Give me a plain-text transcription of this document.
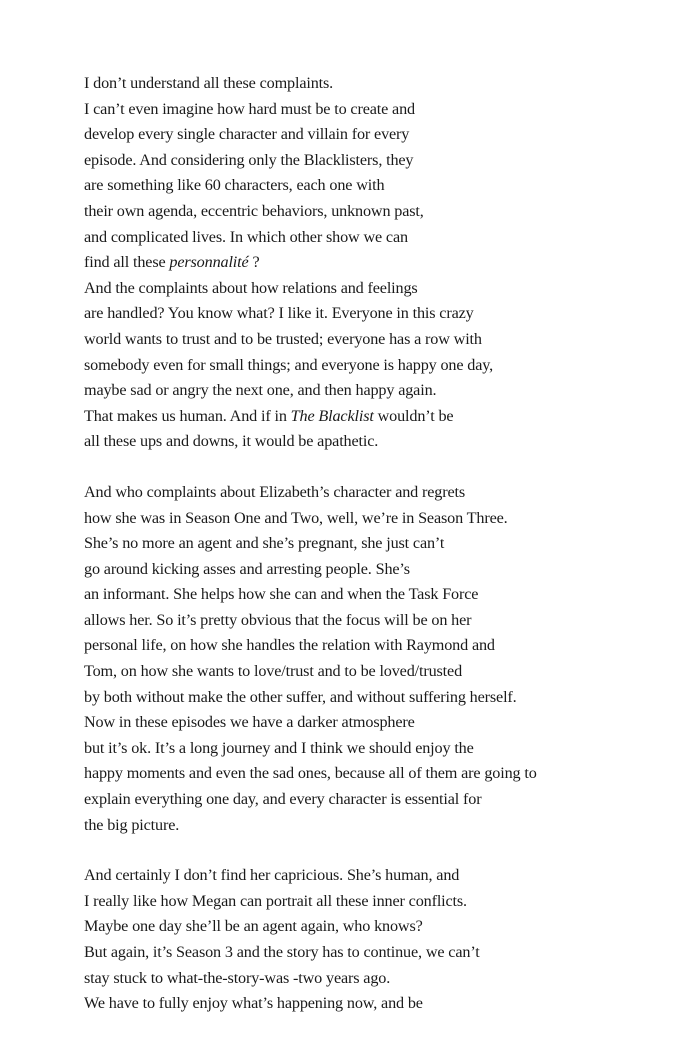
I don’t understand all these complaints.
I can’t even imagine how hard must be to create and
develop every single character and villain for every
episode. And considering only the Blacklisters, they
are something like 60 characters, each one with
their own agenda, eccentric behaviors, unknown past,
and complicated lives. In which other show we can
find all these personnalité ?
And the complaints about how relations and feelings
are handled? You know what? I like it. Everyone in this crazy
world wants to trust and to be trusted; everyone has a row with
somebody even for small things; and everyone is happy one day,
maybe sad or angry the next one, and then happy again.
That makes us human. And if in The Blacklist wouldn’t be
all these ups and downs, it would be apathetic.
And who complaints about Elizabeth’s character and regrets
how she was in Season One and Two, well, we’re in Season Three.
She’s no more an agent and she’s pregnant, she just can’t
go around kicking asses and arresting people. She’s
an informant. She helps how she can and when the Task Force
allows her. So it’s pretty obvious that the focus will be on her
personal life, on how she handles the relation with Raymond and
Tom, on how she wants to love/trust and to be loved/trusted
by both without make the other suffer, and without suffering herself.
Now in these episodes we have a darker atmosphere
but it’s ok. It’s a long journey and I think we should enjoy the
happy moments and even the sad ones, because all of them are going to
explain everything one day, and every character is essential for
the big picture.
And certainly I don’t find her capricious. She’s human, and
I really like how Megan can portrait all these inner conflicts.
Maybe one day she’ll be an agent again, who knows?
But again, it’s Season 3 and the story has to continue, we can’t
stay stuck to what-the-story-was -two years ago.
We have to fully enjoy what’s happening now, and be
